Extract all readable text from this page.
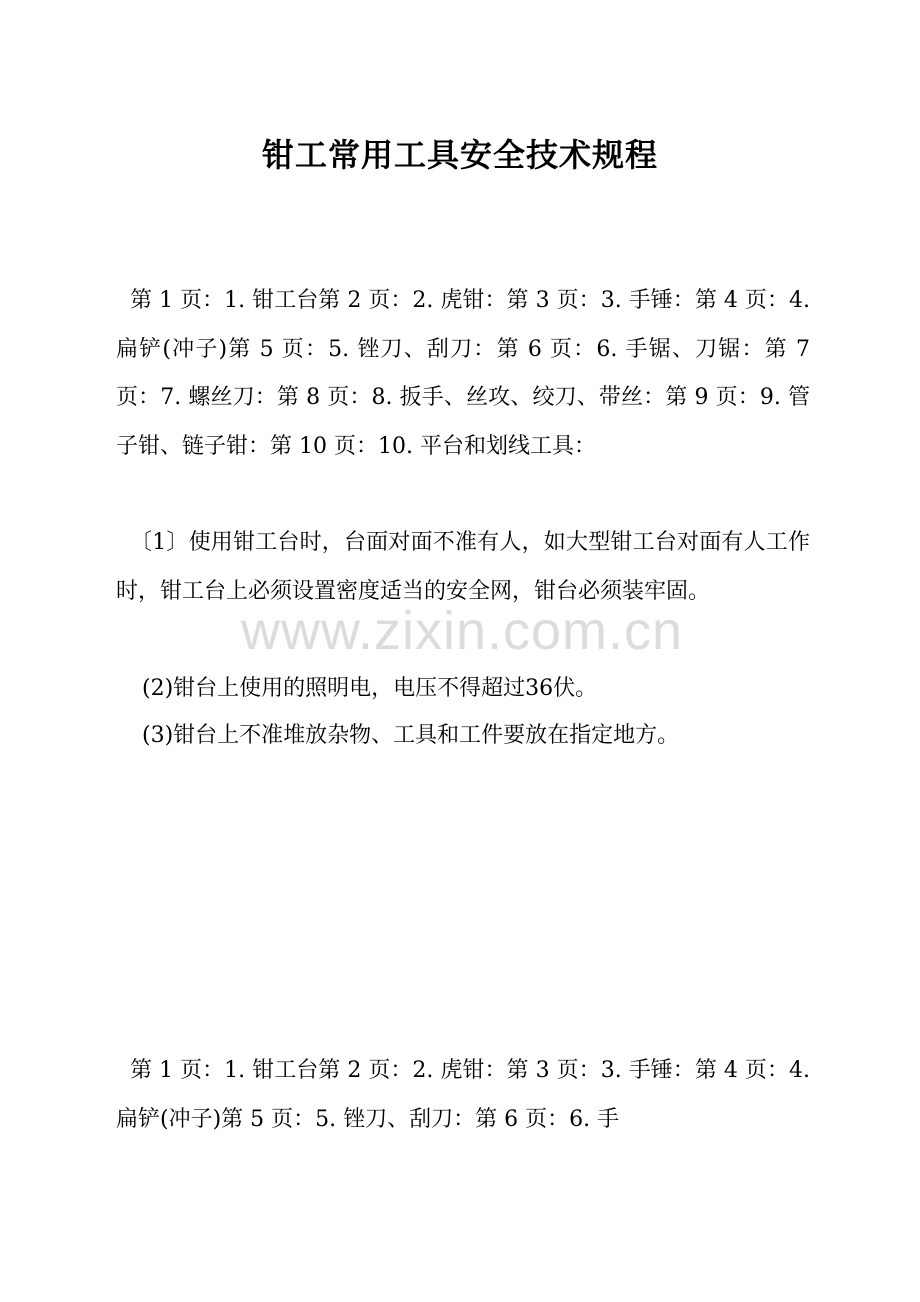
钳工常用工具安全技术规程
第 1 页：1. 钳工台第 2 页：2. 虎钳：第 3 页：3. 手锤：第 4 页：4. 扁铲(冲子)第 5 页：5. 锉刀、刮刀：第 6 页：6. 手锯、刀锯：第 7 页：7. 螺丝刀：第 8 页：8. 扳手、丝攻、绞刀、带丝：第 9 页：9. 管子钳、链子钳：第 10 页：10. 平台和划线工具：
〔1〕使用钳工台时，台面对面不准有人，如大型钳工台对面有人工作时，钳工台上必须设置密度适当的安全网，钳台必须装牢固。
(2)钳台上使用的照明电，电压不得超过36伏。
(3)钳台上不准堆放杂物、工具和工件要放在指定地方。
第 1 页：1. 钳工台第 2 页：2. 虎钳：第 3 页：3. 手锤：第 4 页：4. 扁铲(冲子)第 5 页：5. 锉刀、刮刀：第 6 页：6. 手
www.zixin.com.cn
